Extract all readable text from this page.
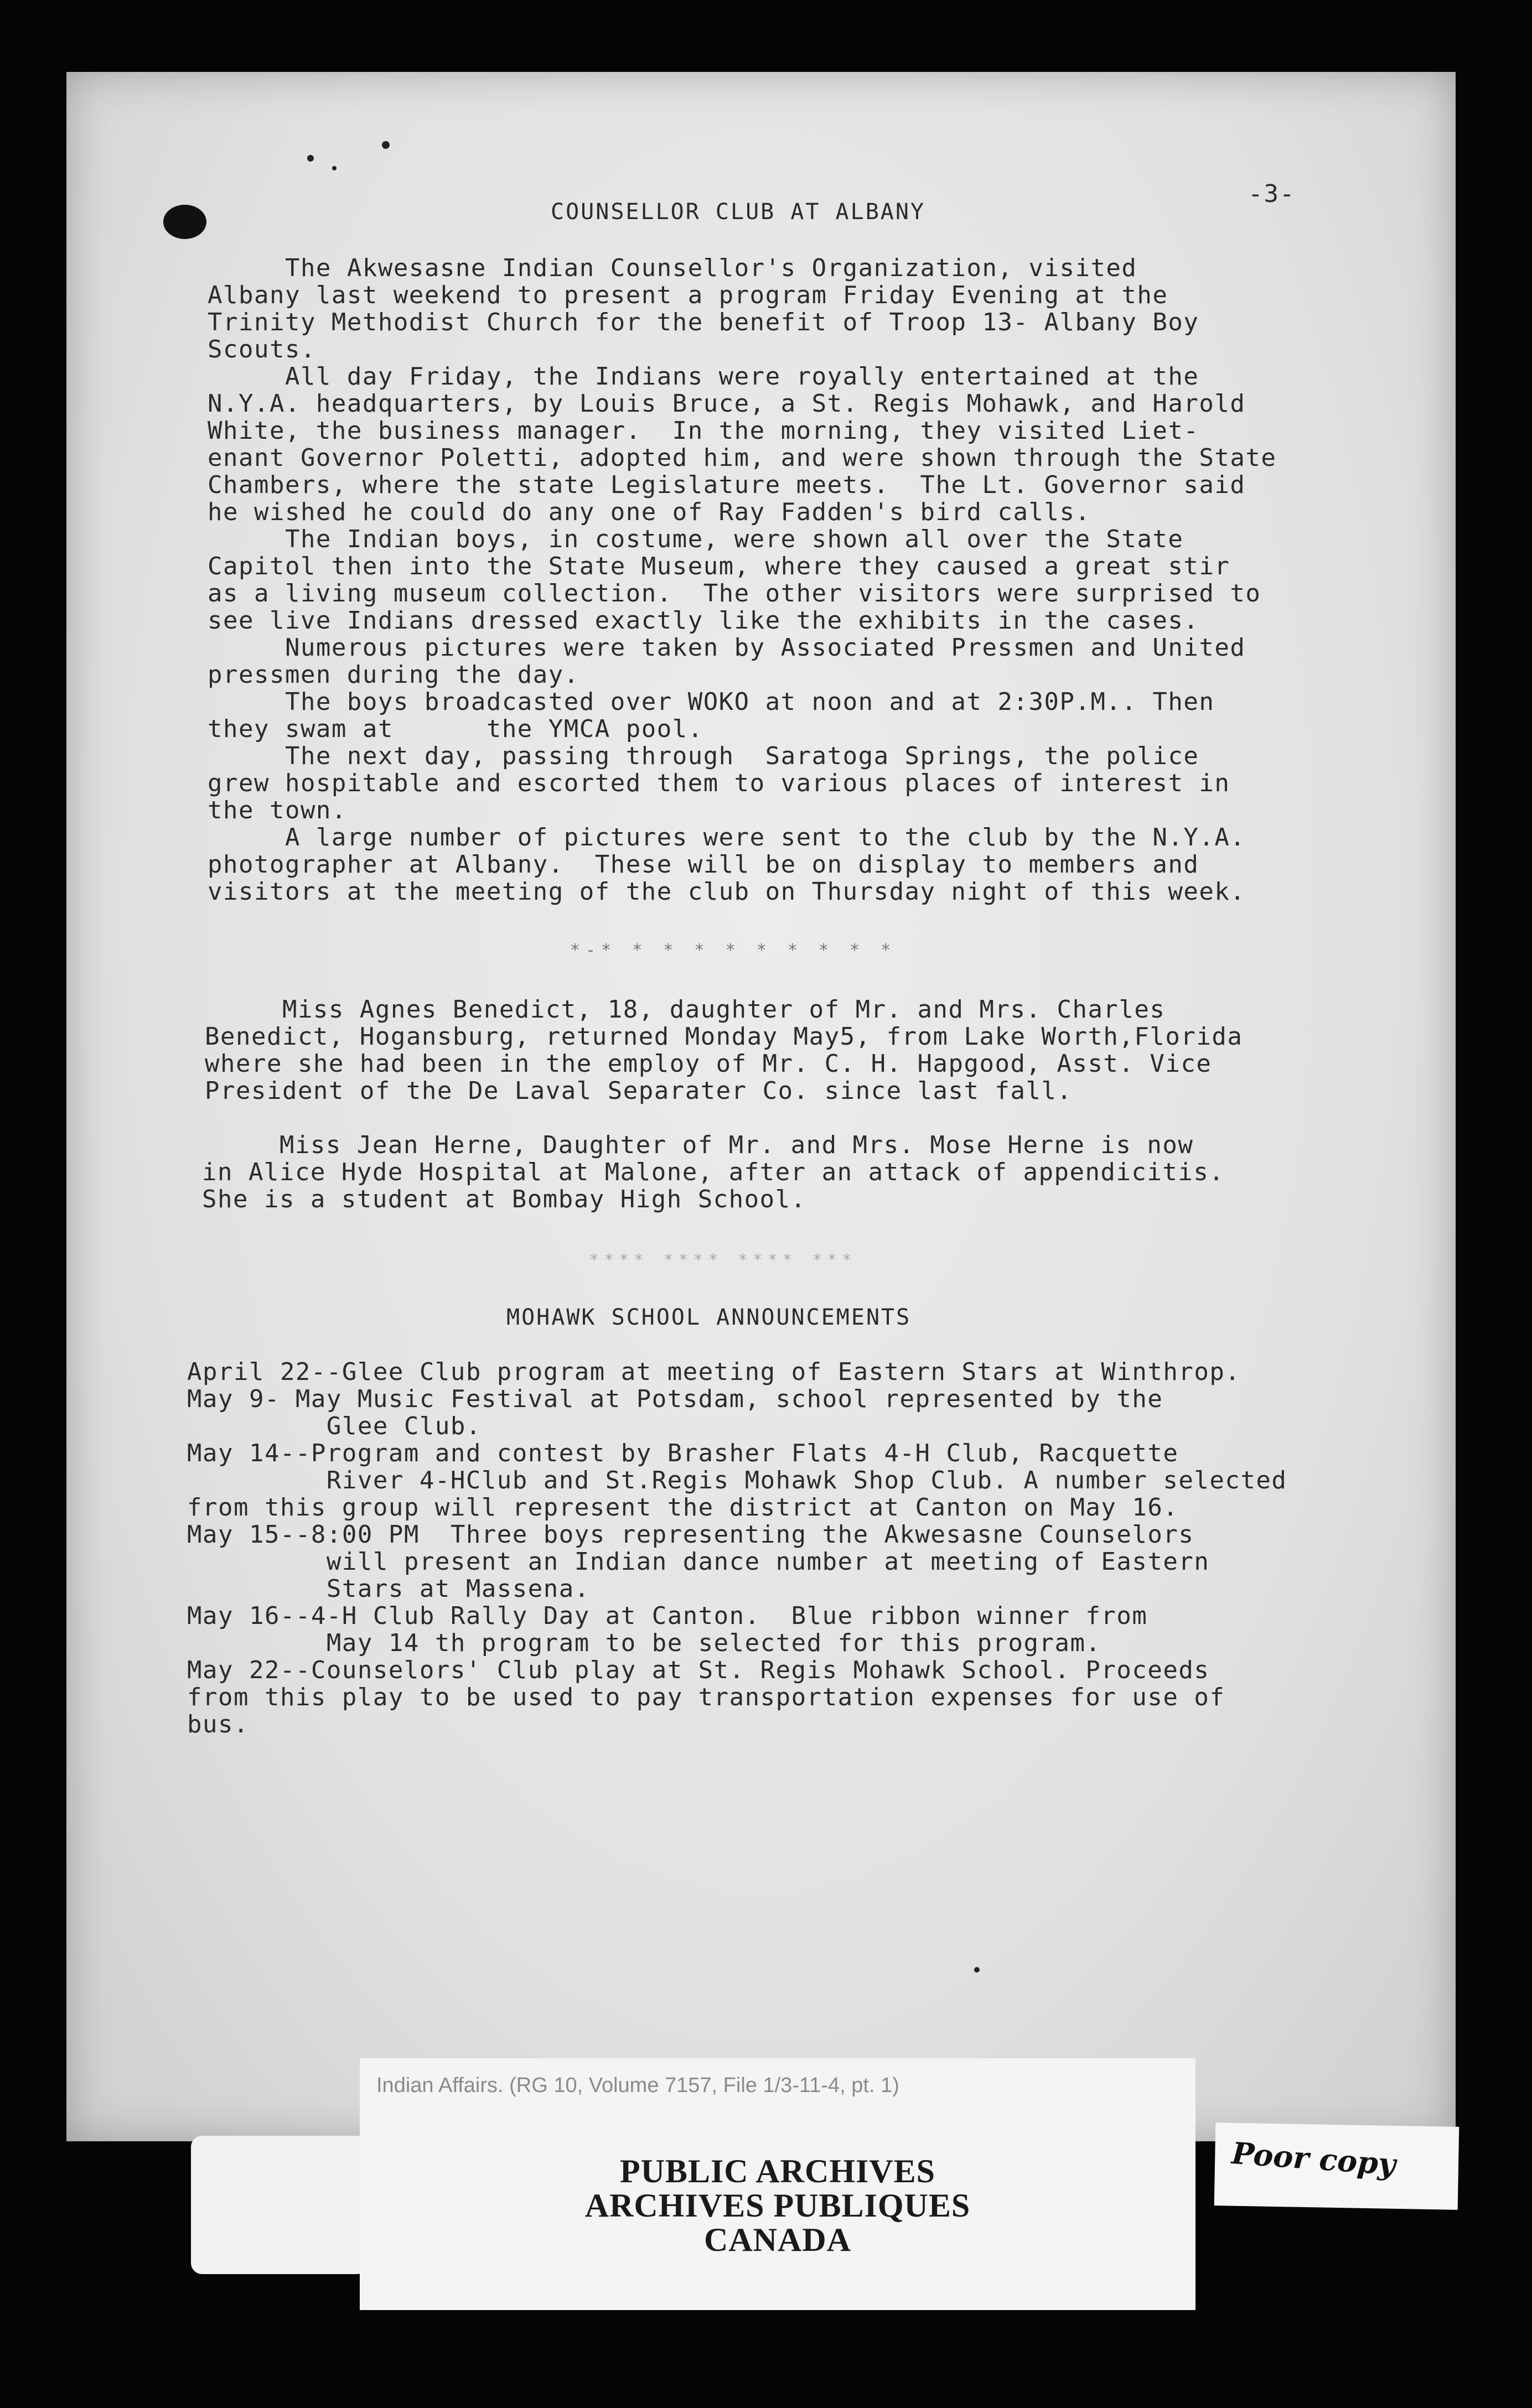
-3-
COUNSELLOR CLUB AT ALBANY
The Akwesasne Indian Counsellor's Organization, visited
Albany last weekend to present a program Friday Evening at the
Trinity Methodist Church for the benefit of Troop 13- Albany Boy
Scouts.
All day Friday, the Indians were royally entertained at the
N.Y.A. headquarters, by Louis Bruce, a St. Regis Mohawk, and Harold
White, the business manager.  In the morning, they visited Liet-
enant Governor Poletti, adopted him, and were shown through the State
Chambers, where the state Legislature meets.  The Lt. Governor said
he wished he could do any one of Ray Fadden's bird calls.
The Indian boys, in costume, were shown all over the State
Capitol then into the State Museum, where they caused a great stir
as a living museum collection.  The other visitors were surprised to
see live Indians dressed exactly like the exhibits in the cases.
Numerous pictures were taken by Associated Pressmen and United
pressmen during the day.
The boys broadcasted over WOKO at noon and at 2:30P.M.. Then
they swam at      the YMCA pool.
The next day, passing through  Saratoga Springs, the police
grew hospitable and escorted them to various places of interest in
the town.
A large number of pictures were sent to the club by the N.Y.A.
photographer at Albany.  These will be on display to members and
visitors at the meeting of the club on Thursday night of this week.
*-* * * * * * * * * *
Miss Agnes Benedict, 18, daughter of Mr. and Mrs. Charles
Benedict, Hogansburg, returned Monday May5, from Lake Worth,Florida
where she had been in the employ of Mr. C. H. Hapgood, Asst. Vice
President of the De Laval Separater Co. since last fall.
Miss Jean Herne, Daughter of Mr. and Mrs. Mose Herne is now
in Alice Hyde Hospital at Malone, after an attack of appendicitis.
She is a student at Bombay High School.
**** **** **** ***
MOHAWK SCHOOL ANNOUNCEMENTS
April 22--Glee Club program at meeting of Eastern Stars at Winthrop.
May 9- May Music Festival at Potsdam, school represented by the
Glee Club.
May 14--Program and contest by Brasher Flats 4-H Club, Racquette
River 4-HClub and St.Regis Mohawk Shop Club. A number selected
from this group will represent the district at Canton on May 16.
May 15--8:00 PM  Three boys representing the Akwesasne Counselors
will present an Indian dance number at meeting of Eastern
Stars at Massena.
May 16--4-H Club Rally Day at Canton.  Blue ribbon winner from
May 14 th program to be selected for this program.
May 22--Counselors' Club play at St. Regis Mohawk School. Proceeds
from this play to be used to pay transportation expenses for use of
bus.
Indian Affairs. (RG 10, Volume 7157, File 1/3-11-4, pt. 1)
PUBLIC ARCHIVES
ARCHIVES PUBLIQUES
CANADA
Poor copy
